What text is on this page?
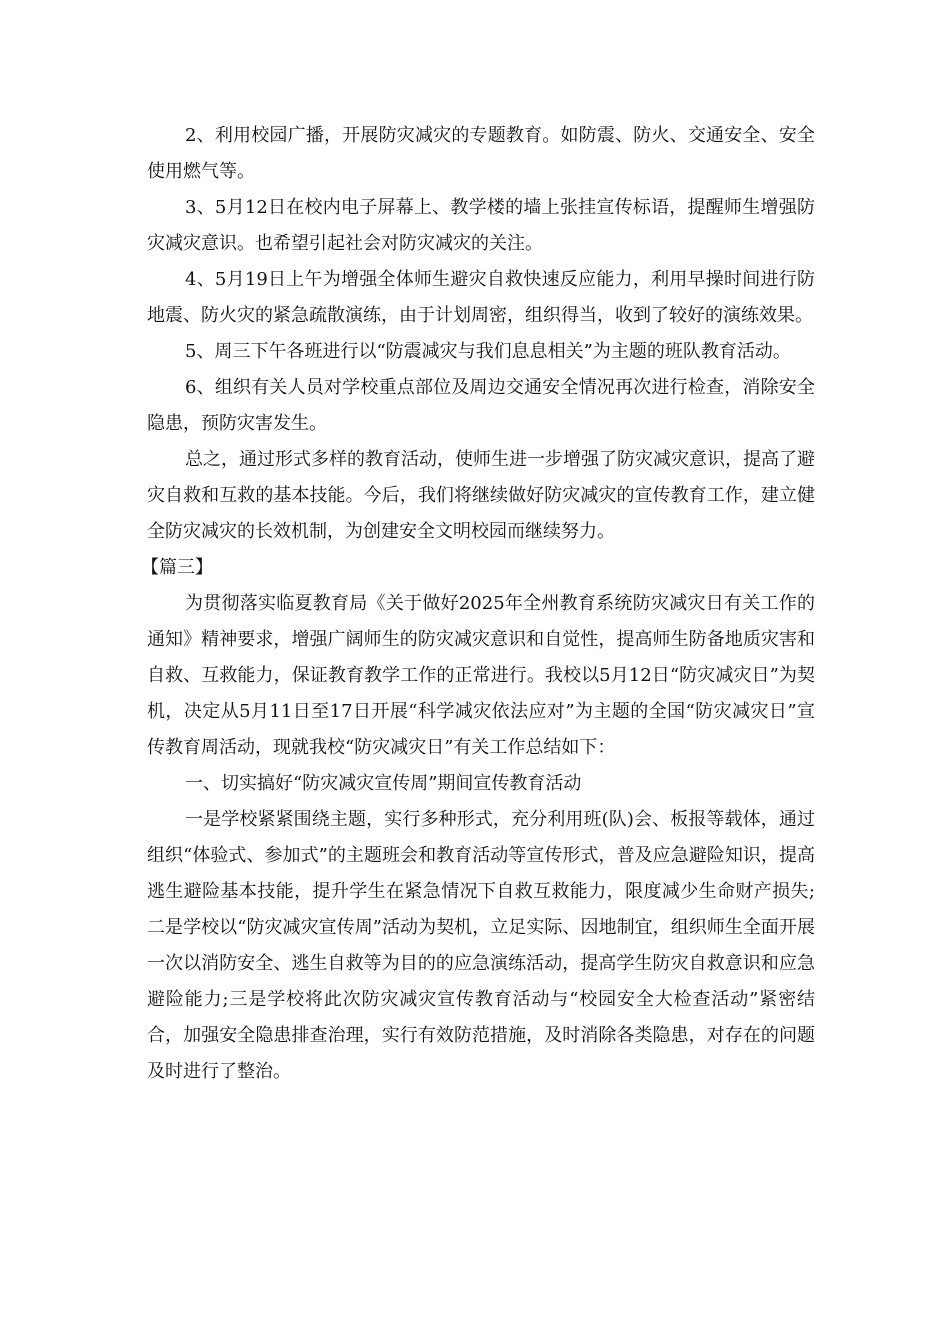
2、利用校园广播，开展防灾减灾的专题教育。如防震、防火、交通安全、安全使用燃气等。

3、5月12日在校内电子屏幕上、教学楼的墙上张挂宣传标语，提醒师生增强防灾减灾意识。也希望引起社会对防灾减灾的关注。

4、5月19日上午为增强全体师生避灾自救快速反应能力，利用早操时间进行防地震、防火灾的紧急疏散演练，由于计划周密，组织得当，收到了较好的演练效果。

5、周三下午各班进行以“防震减灾与我们息息相关”为主题的班队教育活动。

6、组织有关人员对学校重点部位及周边交通安全情况再次进行检查，消除安全隐患，预防灾害发生。

总之，通过形式多样的教育活动，使师生进一步增强了防灾减灾意识，提高了避灾自救和互救的基本技能。今后，我们将继续做好防灾减灾的宣传教育工作，建立健全防灾减灾的长效机制，为创建安全文明校园而继续努力。

【篇三】

为贯彻落实临夏教育局《关于做好2025年全州教育系统防灾减灾日有关工作的通知》精神要求，增强广阔师生的防灾减灾意识和自觉性，提高师生防备地质灾害和自救、互救能力，保证教育教学工作的正常进行。我校以5月12日“防灾减灾日”为契机，决定从5月11日至17日开展“科学减灾依法应对”为主题的全国“防灾减灾日”宣传教育周活动，现就我校“防灾减灾日”有关工作总结如下：

一、切实搞好“防灾减灾宣传周”期间宣传教育活动

一是学校紧紧围绕主题，实行多种形式，充分利用班(队)会、板报等载体，通过组织“体验式、参加式”的主题班会和教育活动等宣传形式，普及应急避险知识，提高逃生避险基本技能，提升学生在紧急情况下自救互救能力，限度减少生命财产损失;二是学校以“防灾减灾宣传周”活动为契机，立足实际、因地制宜，组织师生全面开展一次以消防安全、逃生自救等为目的的应急演练活动，提高学生防灾自救意识和应急避险能力;三是学校将此次防灾减灾宣传教育活动与“校园安全大检查活动”紧密结合，加强安全隐患排查治理，实行有效防范措施，及时消除各类隐患，对存在的问题及时进行了整治。
